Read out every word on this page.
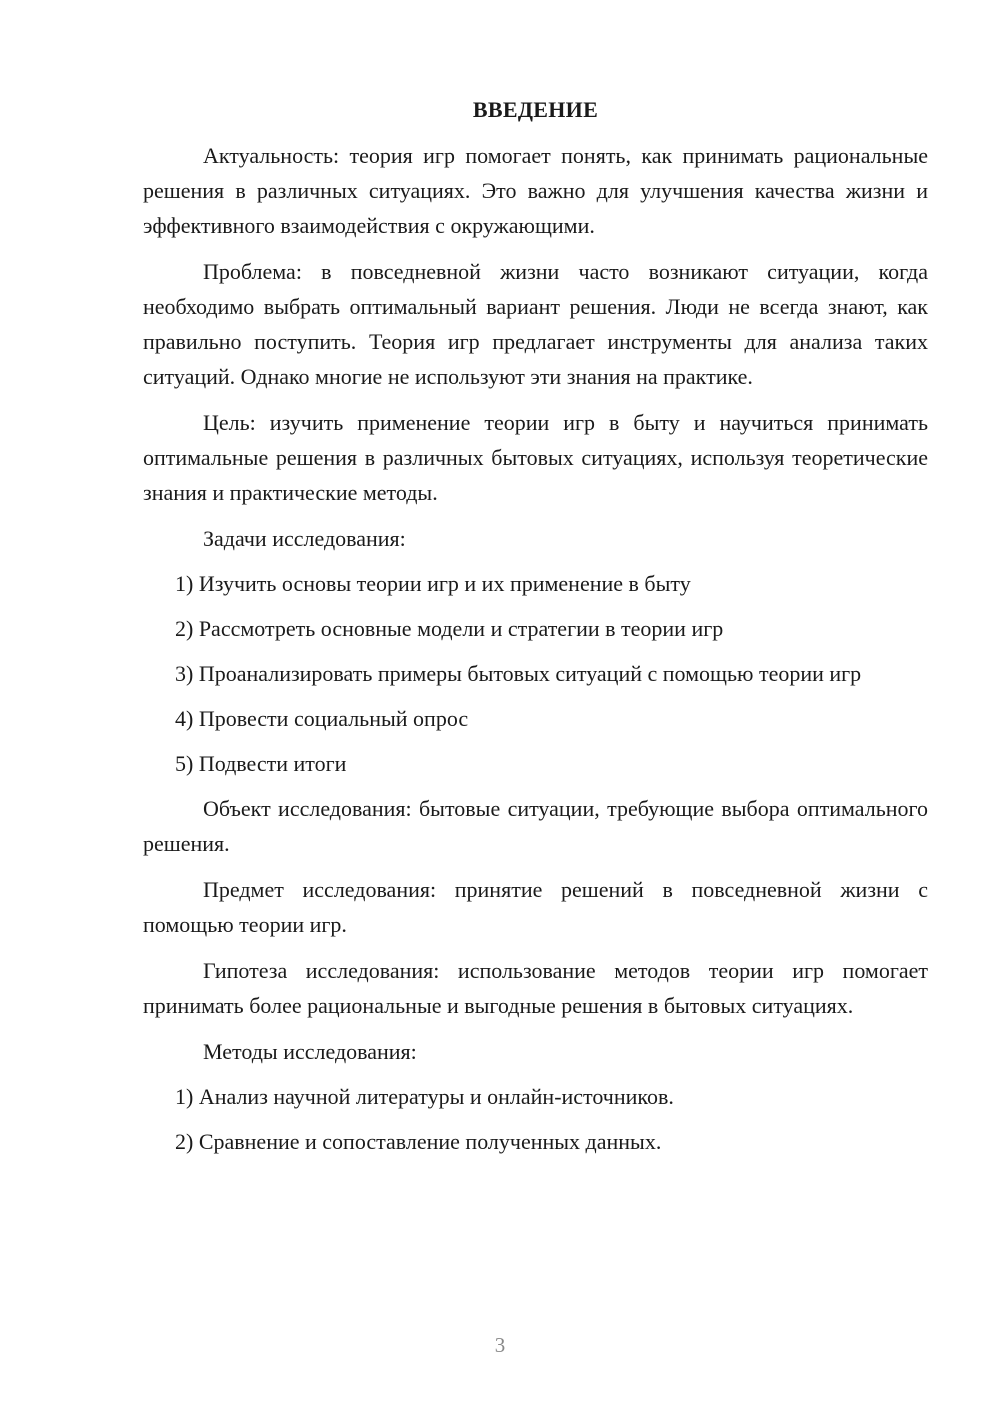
ВВЕДЕНИЕ

Актуальность: теория игр помогает понять, как принимать рациональные решения в различных ситуациях. Это важно для улучшения качества жизни и эффективного взаимодействия с окружающими.

Проблема: в повседневной жизни часто возникают ситуации, когда необходимо выбрать оптимальный вариант решения. Люди не всегда знают, как правильно поступить. Теория игр предлагает инструменты для анализа таких ситуаций. Однако многие не используют эти знания на практике.

Цель: изучить применение теории игр в быту и научиться принимать оптимальные решения в различных бытовых ситуациях, используя теоретические знания и практические методы.

Задачи исследования:

1) Изучить основы теории игр и их применение в быту

2) Рассмотреть основные модели и стратегии в теории игр

3) Проанализировать примеры бытовых ситуаций с помощью теории игр

4) Провести социальный опрос

5) Подвести итоги

Объект исследования: бытовые ситуации, требующие выбора оптимального решения.

Предмет исследования: принятие решений в повседневной жизни с помощью теории игр.

Гипотеза исследования: использование методов теории игр помогает принимать более рациональные и выгодные решения в бытовых ситуациях.

Методы исследования:

1) Анализ научной литературы и онлайн-источников.

2) Сравнение и сопоставление полученных данных.

3
